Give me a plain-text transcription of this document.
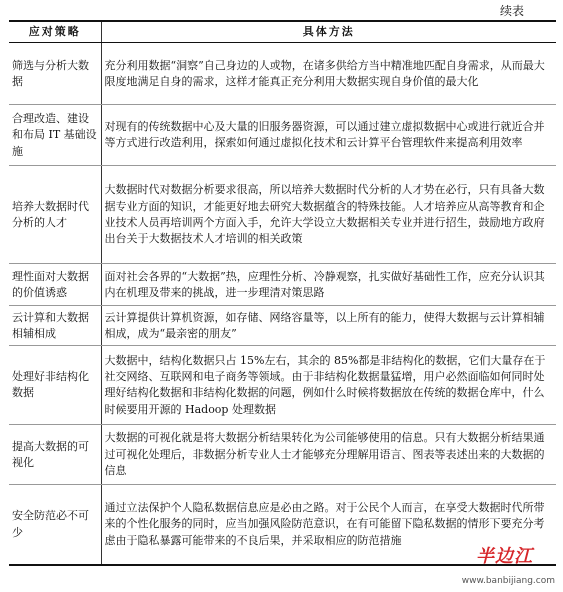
续表
应对策略	具体方法
筛选与分析大数据	充分利用数据“洞察”自己身边的人或物，在诸多供给方当中精准地匹配自身需求，从而最大限度地满足自身的需求，这样才能真正充分利用大数据实现自身价值的最大化
合理改造、建设和布局 IT 基础设施	对现有的传统数据中心及大量的旧服务器资源，可以通过建立虚拟数据中心或进行就近合并等方式进行改造利用，探索如何通过虚拟化技术和云计算平台管理软件来提高利用效率
培养大数据时代分析的人才	大数据时代对数据分析要求很高，所以培养大数据时代分析的人才势在必行，只有具备大数据专业方面的知识，才能更好地去研究大数据蕴含的特殊技能。人才培养应从高等教育和企业技术人员再培训两个方面入手，允许大学设立大数据相关专业并进行招生，鼓励地方政府出台关于大数据技术人才培训的相关政策
理性面对大数据的价值诱惑	面对社会各界的“大数据”热，应理性分析、冷静观察，扎实做好基础性工作，应充分认识其内在机理及带来的挑战，进一步理清对策思路
云计算和大数据相辅相成	云计算提供计算机资源，如存储、网络容量等，以上所有的能力，使得大数据与云计算相辅相成，成为“最亲密的朋友”
处理好非结构化数据	大数据中，结构化数据只占 15%左右，其余的 85%都是非结构化的数据，它们大量存在于社交网络、互联网和电子商务等领域。由于非结构化数据量猛增，用户必然面临如何同时处理好结构化数据和非结构化数据的问题，例如什么时候将数据放在传统的数据仓库中，什么时候要用开源的 Hadoop 处理数据
提高大数据的可视化	大数据的可视化就是将大数据分析结果转化为公司能够使用的信息。只有大数据分析结果通过可视化处理后，非数据分析专业人士才能够充分理解用语言、图表等表述出来的大数据的信息
安全防范必不可少	通过立法保护个人隐私数据信息应是必由之路。对于公民个人而言，在享受大数据时代所带来的个性化服务的同时，应当加强风险防范意识，在有可能留下隐私数据的情形下要充分考虑由于隐私暴露可能带来的不良后果，并采取相应的防范措施
半边江
www.banbijiang.com
